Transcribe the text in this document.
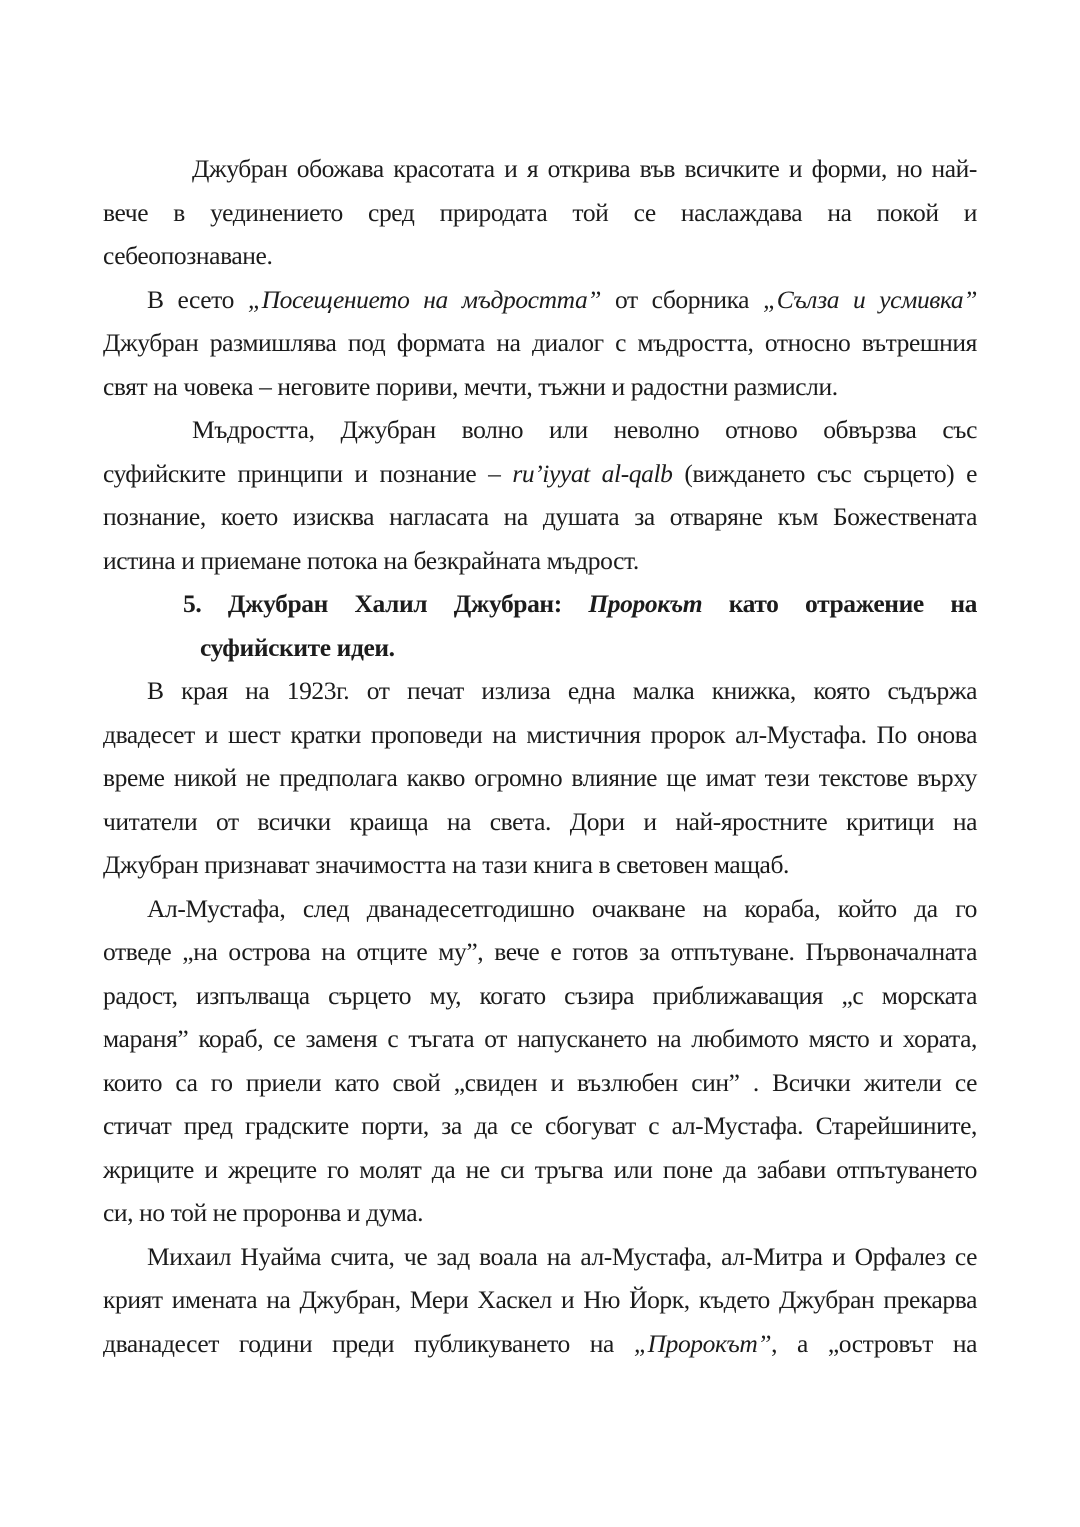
Джубран обожава красотата и я открива във всичките и форми, но най-
вече в уединението сред природата той се наслаждава на покой и
себеопознаване.
В есето „Посещението на мъдростта” от сборника „Сълза и усмивка”
Джубран размишлява под формата на диалог с мъдростта, относно вътрешния
свят на човека – неговите пориви, мечти, тъжни и радостни размисли.
Мъдростта, Джубран волно или неволно отново обвързва със
суфийските принципи и познание – ru’iyyat al-qalb (виждането със сърцето) е
познание, което изисква нагласата на душата за отваряне към Божествената
истина и приемане потока на безкрайната мъдрост.
5. Джубран Халил Джубран: Пророкът като отражение на
суфийските идеи.
В края на 1923г. от печат излиза една малка книжка, която съдържа
двадесет и шест кратки проповеди на мистичния пророк ал-Мустафа. По онова
време никой не предполага какво огромно влияние ще имат тези текстове върху
читатели от всички краища на света. Дори и най-яростните критици на
Джубран признават значимостта на тази книга в световен мащаб.
Ал-Мустафа, след дванадесетгодишно очакване на кораба, който да го
отведе „на острова на отците му”, вече е готов за отпътуване. Първоначалната
радост, изпълваща сърцето му, когато съзира приближаващия „с морската
мараня” кораб, се заменя с тъгата от напускането на любимото място и хората,
които са го приели като свой „свиден и възлюбен син” . Всички жители се
стичат пред градските порти, за да се сбогуват с ал-Мустафа. Старейшините,
жриците и жреците го молят да не си тръгва или поне да забави отпътуването
си, но той не проронва и дума.
Михаил Нуайма счита, че зад воала на ал-Мустафа, ал-Митра и Орфалез се
крият имената на Джубран, Мери Хаскел и Ню Йорк, където Джубран прекарва
дванадесет години преди публикуването на „Пророкът”, а „островът на
